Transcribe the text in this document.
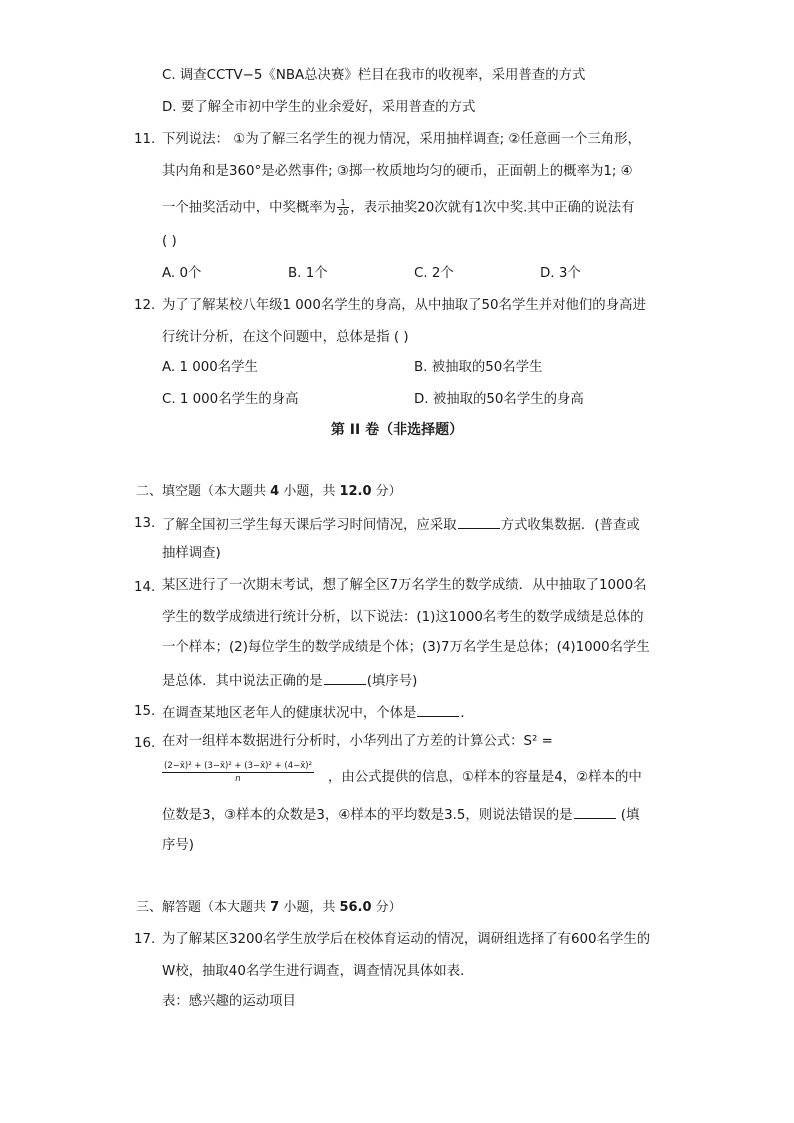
C. 调查CCTV−5《NBA总决赛》栏目在我市的收视率，采用普查的方式
D. 要了解全市初中学生的业余爱好，采用普查的方式
11. 下列说法： ①为了解三名学生的视力情况，采用抽样调查; ②任意画一个三角形，
其内角和是360°是必然事件; ③掷一枚质地均匀的硬币，正面朝上的概率为1; ④
一个抽奖活动中，中奖概率为 $\frac{1}{20}$ ，表示抽奖20次就有1次中奖.其中正确的说法有
( )
A. 0个	B. 1个	C. 2个	D. 3个
12. 为了了解某校八年级1 000名学生的身高，从中抽取了50名学生并对他们的身高进
行统计分析，在这个问题中，总体是指 ( )
A. 1 000名学生	B. 被抽取的50名学生
C. 1 000名学生的身高	D. 被抽取的50名学生的身高
第 II 卷（非选择题）
二、填空题（本大题共 4 小题，共 12.0 分）
13. 了解全国初三学生每天课后学习时间情况，应采取	方式收集数据．(普查或
抽样调查)
14. 某区进行了一次期末考试，想了解全区7万名学生的数学成绩．从中抽取了1000名
学生的数学成绩进行统计分析，以下说法：(1)这1000名考生的数学成绩是总体的
一个样本；(2)每位学生的数学成绩是个体；(3)7万名学生是总体；(4)1000名学生
是总体．其中说法正确的是	(填序号)
15. 在调查某地区老年人的健康状况中，个体是	．
16. 在对一组样本数据进行分析时，小华列出了方差的计算公式：S² =
$\frac{\text{(2−x̄)² + (3−x̄)² + (3−x̄)² + (4−x̄)²}}{n}$ ，由公式提供的信息，①样本的容量是4，②样本的中
位数是3，③样本的众数是3，④样本的平均数是3.5，则说法错误的是	(填
序号)
三、解答题（本大题共 7 小题，共 56.0 分）
17. 为了解某区3200名学生放学后在校体育运动的情况，调研组选择了有600名学生的
W校，抽取40名学生进行调查，调查情况具体如表．
表：感兴趣的运动项目
